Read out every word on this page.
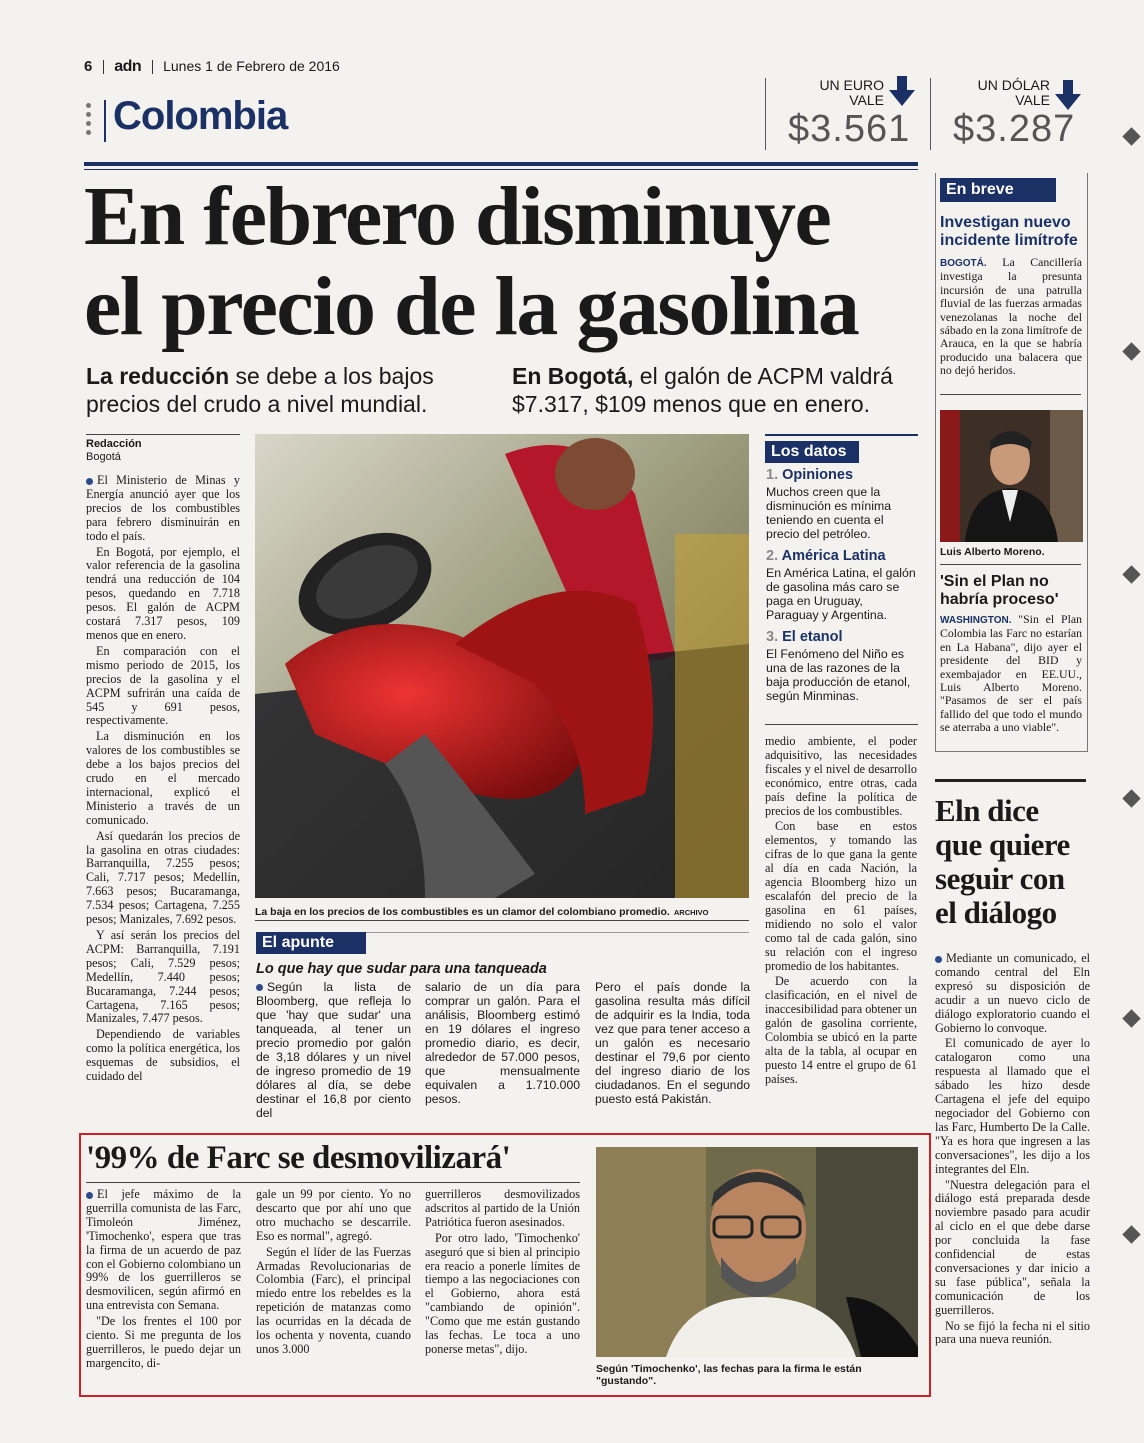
6 adn Lunes 1 de Febrero de 2016
Colombia
UN EURO
VALE
$3.561
UN DÓLAR
VALE
$3.287
En febrero disminuye
el precio de la gasolina
La reducción se debe a los bajos precios del crudo a nivel mundial.
En Bogotá, el galón de ACPM valdrá $7.317, $109 menos que en enero.
Redacción
Bogotá

El Ministerio de Minas y Energía anunció ayer que los precios de los combustibles para febrero disminuirán en todo el país.

En Bogotá, por ejemplo, el valor referencia de la gasolina tendrá una reducción de 104 pesos, quedando en 7.718 pesos. El galón de ACPM costará 7.317 pesos, 109 menos que en enero.

En comparación con el mismo periodo de 2015, los precios de la gasolina y el ACPM sufrirán una caída de 545 y 691 pesos, respectivamente.

La disminución en los valores de los combustibles se debe a los bajos precios del crudo en el mercado internacional, explicó el Ministerio a través de un comunicado.

Así quedarán los precios de la gasolina en otras ciudades: Barranquilla, 7.255 pesos; Cali, 7.717 pesos; Medellín, 7.663 pesos; Bucaramanga, 7.534 pesos; Cartagena, 7.255 pesos; Manizales, 7.692 pesos.

Y así serán los precios del ACPM: Barranquilla, 7.191 pesos; Cali, 7.529 pesos; Medellín, 7.440 pesos; Bucaramanga, 7.244 pesos; Cartagena, 7.165 pesos; Manizales, 7.477 pesos.

Dependiendo de variables como la política energética, los esquemas de subsidios, el cuidado del

La baja en los precios de los combustibles es un clamor del colombiano promedio. ARCHIVO
Los datos
1. Opiniones
Muchos creen que la disminución es mínima teniendo en cuenta el precio del petróleo.
2. América Latina
En América Latina, el galón de gasolina más caro se paga en Uruguay, Paraguay y Argentina.
3. El etanol
El Fenómeno del Niño es una de las razones de la baja producción de etanol, según Minminas.

medio ambiente, el poder adquisitivo, las necesidades fiscales y el nivel de desarrollo económico, entre otras, cada país define la política de precios de los combustibles.

Con base en estos elementos, y tomando las cifras de lo que gana la gente al día en cada Nación, la agencia Bloomberg hizo un escalafón del precio de la gasolina en 61 países, midiendo no solo el valor como tal de cada galón, sino su relación con el ingreso promedio de los habitantes.

De acuerdo con la clasificación, en el nivel de inaccesibilidad para obtener un galón de gasolina corriente, Colombia se ubicó en la parte alta de la tabla, al ocupar en puesto 14 entre el grupo de 61 países.

El apunte
Lo que hay que sudar para una tanqueada

Según la lista de Bloomberg, que refleja lo que 'hay que sudar' una tanqueada, al tener un precio promedio por galón de 3,18 dólares y un nivel de ingreso promedio de 19 dólares al día, se debe destinar el 16,8 por ciento del

salario de un día para comprar un galón. Para el análisis, Bloomberg estimó en 19 dólares el ingreso promedio diario, es decir, alrededor de 57.000 pesos, que mensualmente equivalen a 1.710.000 pesos.
Pero el país donde la gasolina resulta más difícil de adquirir es la India, toda vez que para tener acceso a un galón es necesario destinar el 79,6 por ciento del ingreso diario de los ciudadanos. En el segundo puesto está Pakistán.
En breve
Investigan nuevo incidente limítrofe
BOGOTÁ. La Cancillería investiga la presunta incursión de una patrulla fluvial de las fuerzas armadas venezolanas la noche del sábado en la zona limítrofe de Arauca, en la que se habría producido una balacera que no dejó heridos.
Luis Alberto Moreno.
'Sin el Plan no habría proceso'
WASHINGTON. "Sin el Plan Colombia las Farc no estarían en La Habana", dijo ayer el presidente del BID y exembajador en EE.UU., Luis Alberto Moreno. "Pasamos de ser el país fallido del que todo el mundo se aterraba a uno viable".
Eln dice que quiere seguir con el diálogo

Mediante un comunicado, el comando central del Eln expresó su disposición de acudir a un nuevo ciclo de diálogo exploratorio cuando el Gobierno lo convoque.

El comunicado de ayer lo catalogaron como una respuesta al llamado que el sábado les hizo desde Cartagena el jefe del equipo negociador del Gobierno con las Farc, Humberto De la Calle. "Ya es hora que ingresen a las conversaciones", les dijo a los integrantes del Eln.

"Nuestra delegación para el diálogo está preparada desde noviembre pasado para acudir al ciclo en el que debe darse por concluida la fase confidencial de estas conversaciones y dar inicio a su fase pública", señala la comunicación de los guerrilleros.

No se fijó la fecha ni el sitio para una nueva reunión.

'99% de Farc se desmovilizará'

El jefe máximo de la guerrilla comunista de las Farc, Timoleón Jiménez, 'Timochenko', espera que tras la firma de un acuerdo de paz con el Gobierno colombiano un 99% de los guerrilleros se desmovilicen, según afirmó en una entrevista con Semana.

"De los frentes el 100 por ciento. Si me pregunta de los guerrilleros, le puedo dejar un margencito, di-

gale un 99 por ciento. Yo no descarto que por ahí uno que otro muchacho se descarrile. Eso es normal", agregó.

Según el líder de las Fuerzas Armadas Revolucionarias de Colombia (Farc), el principal miedo entre los rebeldes es la repetición de matanzas como las ocurridas en la década de los ochenta y noventa, cuando unos 3.000

guerrilleros desmovilizados adscritos al partido de la Unión Patriótica fueron asesinados.

Por otro lado, 'Timochenko' aseguró que si bien al principio era reacio a ponerle límites de tiempo a las negociaciones con el Gobierno, ahora está "cambiando de opinión". "Como que me están gustando las fechas. Le toca a uno ponerse metas", dijo.

Según 'Timochenko', las fechas para la firma le están "gustando".
